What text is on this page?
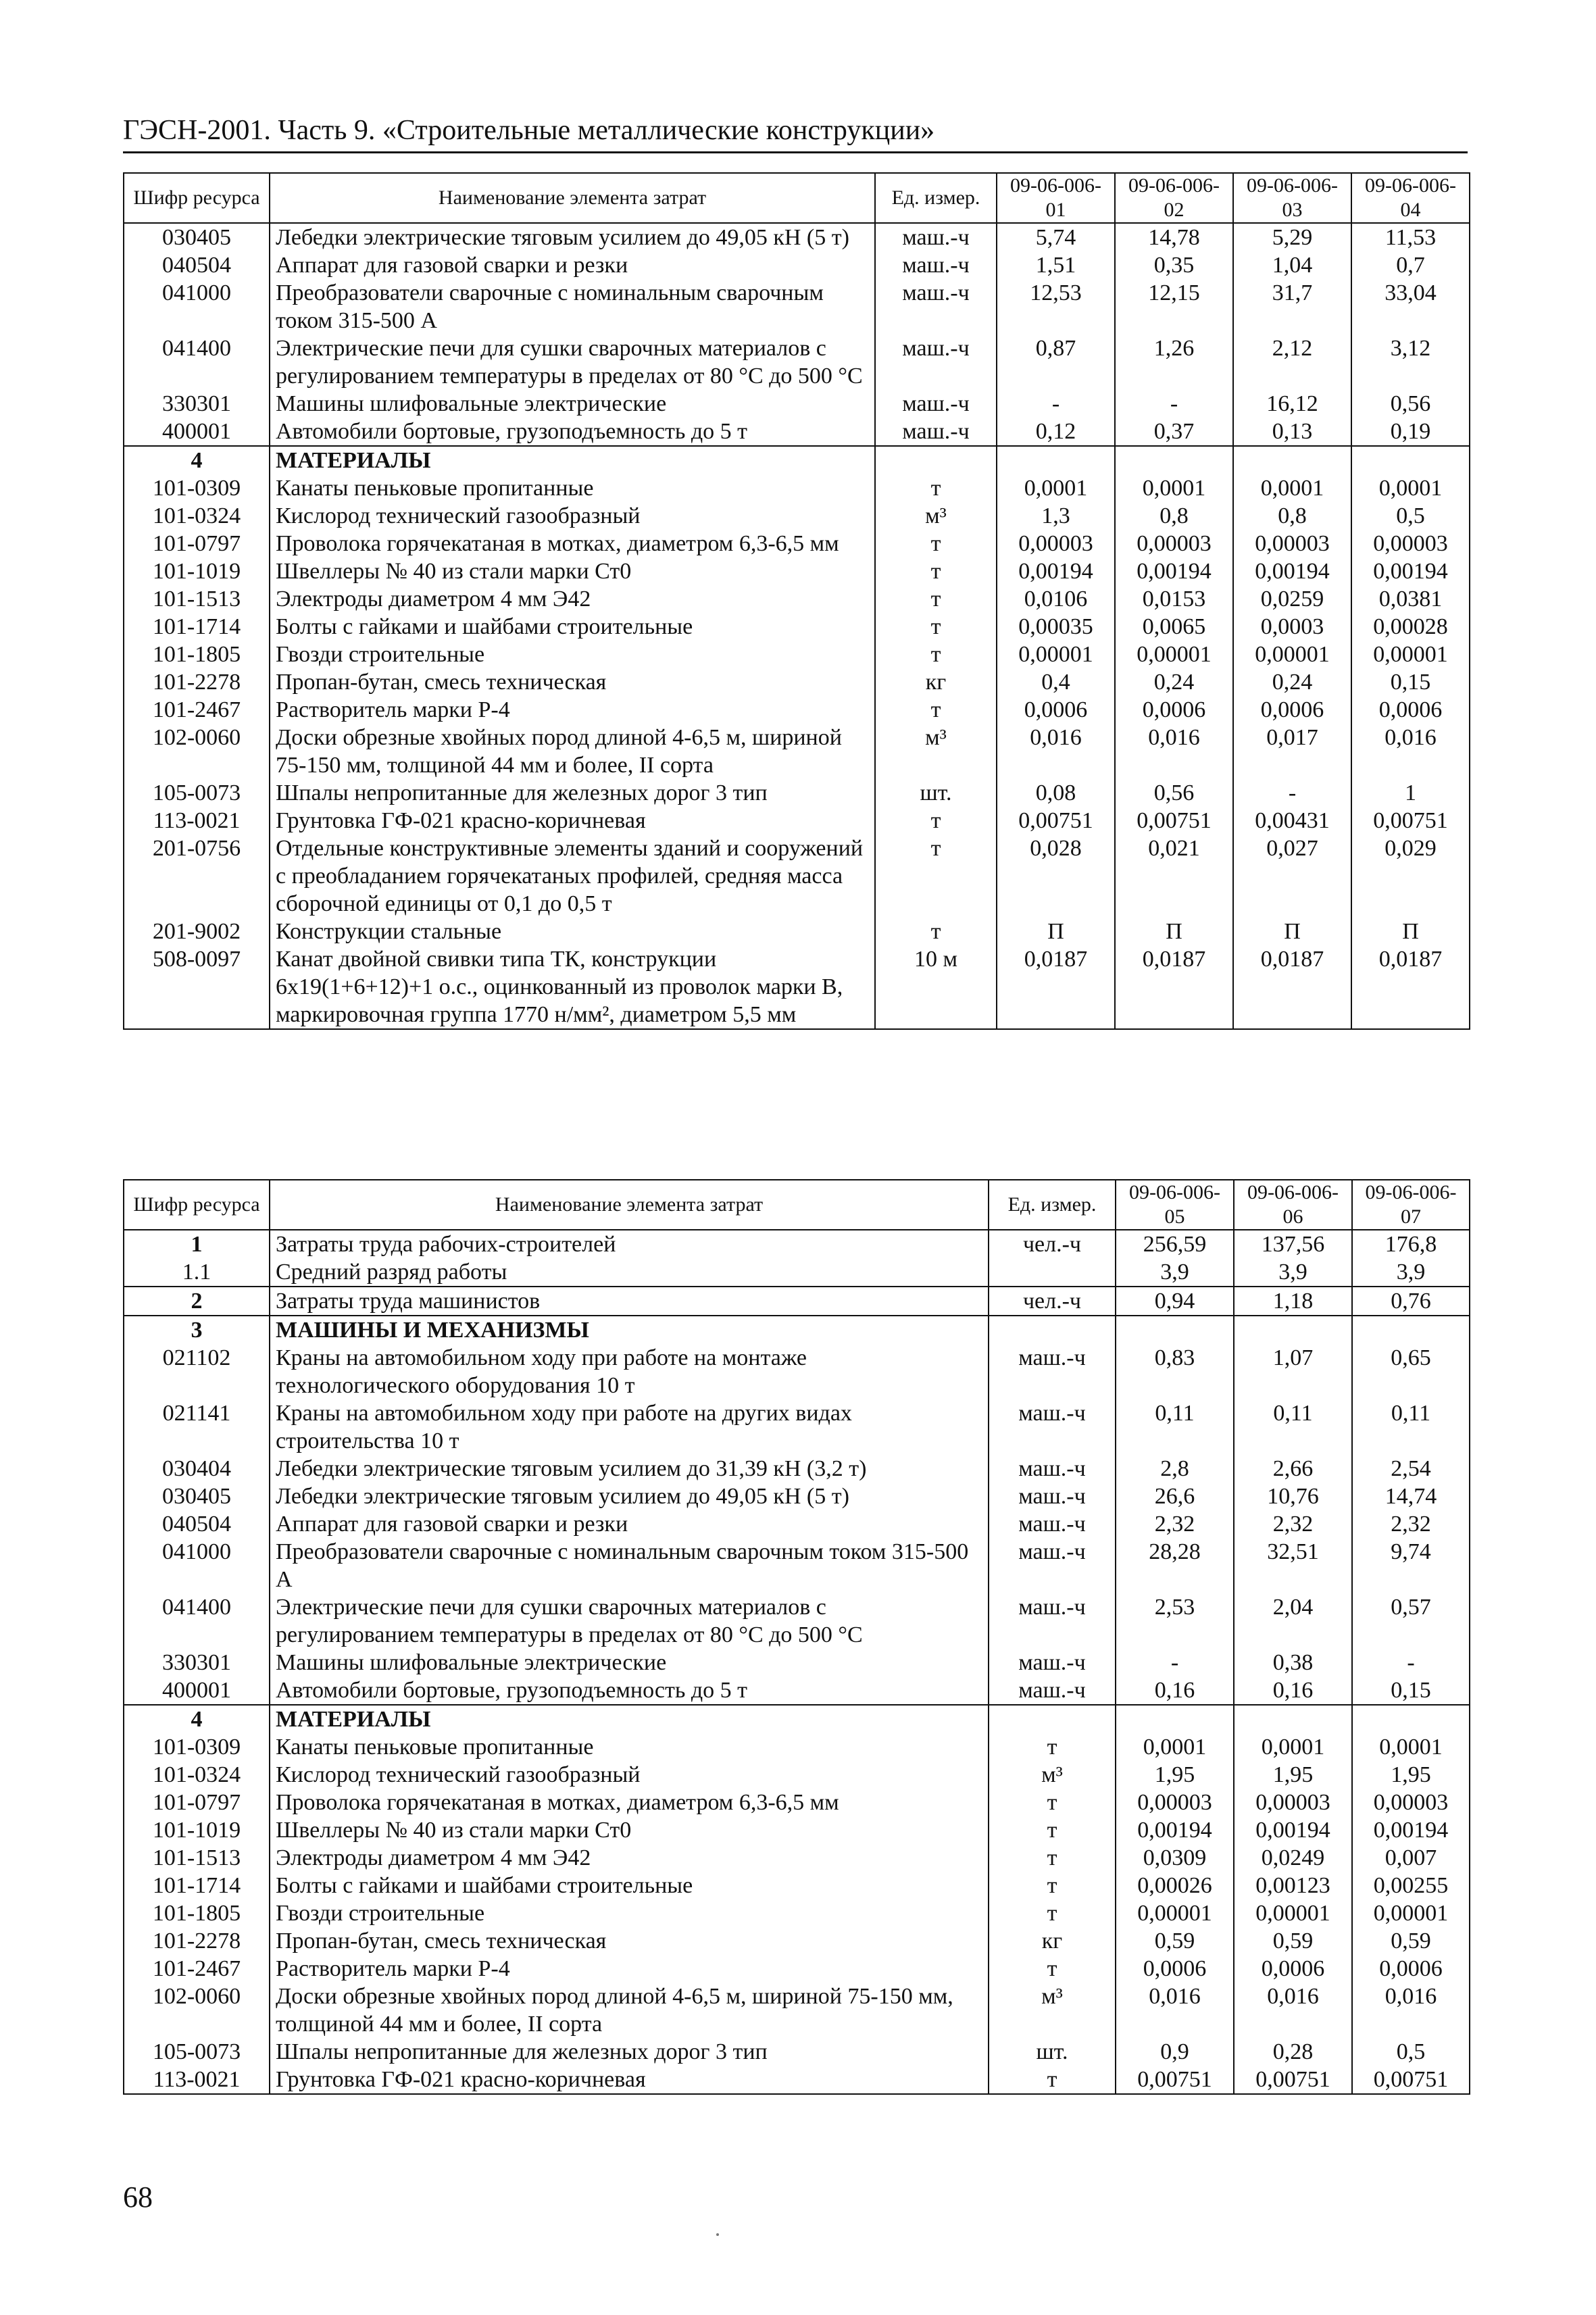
ГЭСН-2001. Часть 9. «Строительные металлические конструкции»
Шифр ресурса	Наименование элемента затрат	Ед. измер.	09-06-006-01	09-06-006-02	09-06-006-03	09-06-006-04
030405	Лебедки электрические тяговым усилием до 49,05 кН (5 т)	маш.-ч	5,74	14,78	5,29	11,53
040504	Аппарат для газовой сварки и резки	маш.-ч	1,51	0,35	1,04	0,7
041000	Преобразователи сварочные с номинальным сварочным током 315-500 А	маш.-ч	12,53	12,15	31,7	33,04
041400	Электрические печи для сушки сварочных материалов с регулированием температуры в пределах от 80 °С до 500 °С	маш.-ч	0,87	1,26	2,12	3,12
330301	Машины шлифовальные электрические	маш.-ч	-	-	16,12	0,56
400001	Автомобили бортовые, грузоподъемность до 5 т	маш.-ч	0,12	0,37	0,13	0,19
4	МАТЕРИАЛЫ					
101-0309	Канаты пеньковые пропитанные	т	0,0001	0,0001	0,0001	0,0001
101-0324	Кислород технический газообразный	м³	1,3	0,8	0,8	0,5
101-0797	Проволока горячекатаная в мотках, диаметром 6,3-6,5 мм	т	0,00003	0,00003	0,00003	0,00003
101-1019	Швеллеры № 40 из стали марки Ст0	т	0,00194	0,00194	0,00194	0,00194
101-1513	Электроды диаметром 4 мм Э42	т	0,0106	0,0153	0,0259	0,0381
101-1714	Болты с гайками и шайбами строительные	т	0,00035	0,0065	0,0003	0,00028
101-1805	Гвозди строительные	т	0,00001	0,00001	0,00001	0,00001
101-2278	Пропан-бутан, смесь техническая	кг	0,4	0,24	0,24	0,15
101-2467	Растворитель марки Р-4	т	0,0006	0,0006	0,0006	0,0006
102-0060	Доски обрезные хвойных пород длиной 4-6,5 м, шириной 75-150 мм, толщиной 44 мм и более, II сорта	м³	0,016	0,016	0,017	0,016
105-0073	Шпалы непропитанные для железных дорог 3 тип	шт.	0,08	0,56	-	1
113-0021	Грунтовка ГФ-021 красно-коричневая	т	0,00751	0,00751	0,00431	0,00751
201-0756	Отдельные конструктивные элементы зданий и сооружений с преобладанием горячекатаных профилей, средняя масса сборочной единицы от 0,1 до 0,5 т	т	0,028	0,021	0,027	0,029
201-9002	Конструкции стальные	т	П	П	П	П
508-0097	Канат двойной свивки типа ТК, конструкции 6х19(1+6+12)+1 о.с., оцинкованный из проволок марки В, маркировочная группа 1770 н/мм², диаметром 5,5 мм	10 м	0,0187	0,0187	0,0187	0,0187
Шифр ресурса	Наименование элемента затрат	Ед. измер.	09-06-006-05	09-06-006-06	09-06-006-07
1	Затраты труда рабочих-строителей	чел.-ч	256,59	137,56	176,8
1.1	Средний разряд работы		3,9	3,9	3,9
2	Затраты труда машинистов	чел.-ч	0,94	1,18	0,76
3	МАШИНЫ И МЕХАНИЗМЫ				
021102	Краны на автомобильном ходу при работе на монтаже технологического оборудования 10 т	маш.-ч	0,83	1,07	0,65
021141	Краны на автомобильном ходу при работе на других видах строительства 10 т	маш.-ч	0,11	0,11	0,11
030404	Лебедки электрические тяговым усилием до 31,39 кН (3,2 т)	маш.-ч	2,8	2,66	2,54
030405	Лебедки электрические тяговым усилием до 49,05 кН (5 т)	маш.-ч	26,6	10,76	14,74
040504	Аппарат для газовой сварки и резки	маш.-ч	2,32	2,32	2,32
041000	Преобразователи сварочные с номинальным сварочным током 315-500 А	маш.-ч	28,28	32,51	9,74
041400	Электрические печи для сушки сварочных материалов с регулированием температуры в пределах от 80 °С до 500 °С	маш.-ч	2,53	2,04	0,57
330301	Машины шлифовальные электрические	маш.-ч	-	0,38	-
400001	Автомобили бортовые, грузоподъемность до 5 т	маш.-ч	0,16	0,16	0,15
4	МАТЕРИАЛЫ				
101-0309	Канаты пеньковые пропитанные	т	0,0001	0,0001	0,0001
101-0324	Кислород технический газообразный	м³	1,95	1,95	1,95
101-0797	Проволока горячекатаная в мотках, диаметром 6,3-6,5 мм	т	0,00003	0,00003	0,00003
101-1019	Швеллеры № 40 из стали марки Ст0	т	0,00194	0,00194	0,00194
101-1513	Электроды диаметром 4 мм Э42	т	0,0309	0,0249	0,007
101-1714	Болты с гайками и шайбами строительные	т	0,00026	0,00123	0,00255
101-1805	Гвозди строительные	т	0,00001	0,00001	0,00001
101-2278	Пропан-бутан, смесь техническая	кг	0,59	0,59	0,59
101-2467	Растворитель марки Р-4	т	0,0006	0,0006	0,0006
102-0060	Доски обрезные хвойных пород длиной 4-6,5 м, шириной 75-150 мм, толщиной 44 мм и более, II сорта	м³	0,016	0,016	0,016
105-0073	Шпалы непропитанные для железных дорог 3 тип	шт.	0,9	0,28	0,5
113-0021	Грунтовка ГФ-021 красно-коричневая	т	0,00751	0,00751	0,00751
68
